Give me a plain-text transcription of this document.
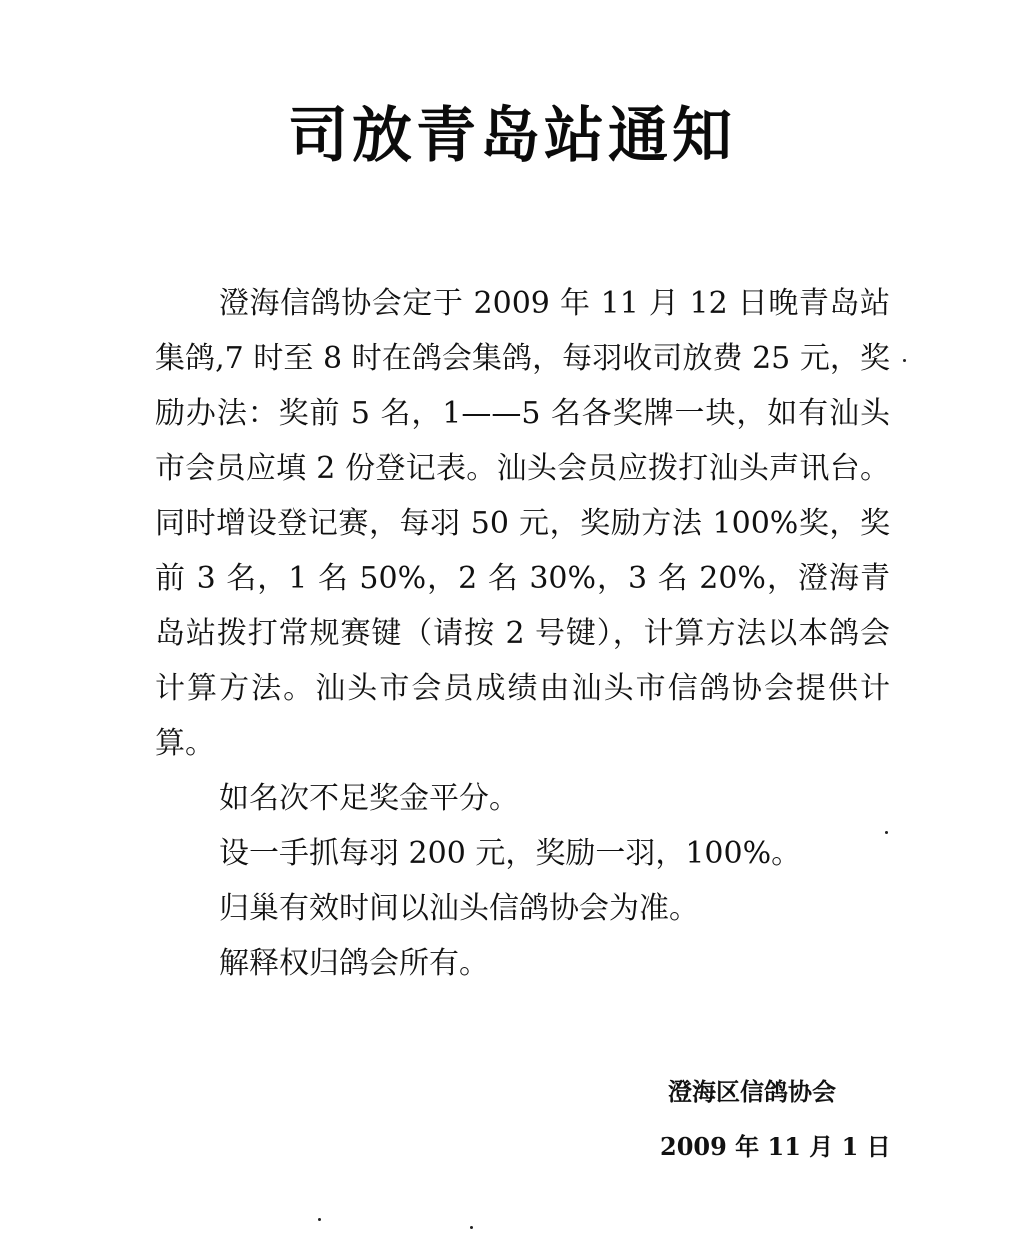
司放青岛站通知

澄海信鸽协会定于 2009 年 11 月 12 日晚青岛站集鸽,7 时至 8 时在鸽会集鸽，每羽收司放费 25 元，奖励办法：奖前 5 名，1——5 名各奖牌一块，如有汕头市会员应填 2 份登记表。汕头会员应拨打汕头声讯台。同时增设登记赛，每羽 50 元，奖励方法 100%奖，奖前 3 名，1 名 50%，2 名 30%，3 名 20%，澄海青岛站拨打常规赛键（请按 2 号键），计算方法以本鸽会计算方法。汕头市会员成绩由汕头市信鸽协会提供计算。

如名次不足奖金平分。

设一手抓每羽 200 元，奖励一羽，100%。

归巢有效时间以汕头信鸽协会为准。

解释权归鸽会所有。

澄海区信鸽协会
2009 年 11 月 1 日
